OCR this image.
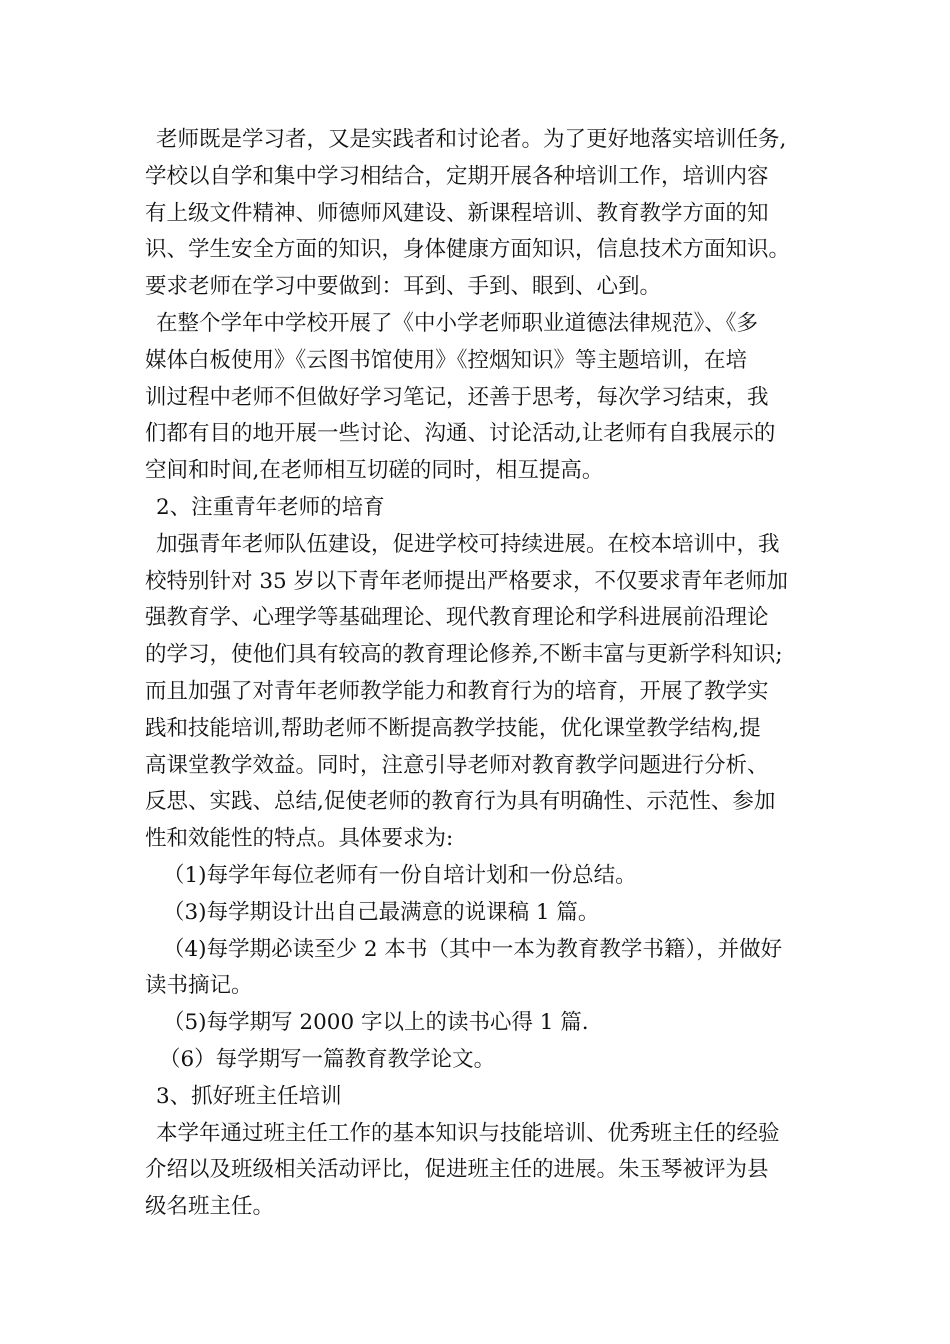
老师既是学习者，又是实践者和讨论者。为了更好地落实培训任务,
学校以自学和集中学习相结合，定期开展各种培训工作，培训内容
有上级文件精神、师德师风建设、新课程培训、教育教学方面的知
识、学生安全方面的知识，身体健康方面知识，信息技术方面知识。
要求老师在学习中要做到：耳到、手到、眼到、心到。
在整个学年中学校开展了《中小学老师职业道德法律规范》、《多
媒体白板使用》《云图书馆使用》《控烟知识》等主题培训，在培
训过程中老师不但做好学习笔记，还善于思考，每次学习结束，我
们都有目的地开展一些讨论、沟通、讨论活动,让老师有自我展示的
空间和时间,在老师相互切磋的同时，相互提高。
2、注重青年老师的培育
加强青年老师队伍建设，促进学校可持续进展。在校本培训中，我
校特别针对 35 岁以下青年老师提出严格要求，不仅要求青年老师加
强教育学、心理学等基础理论、现代教育理论和学科进展前沿理论
的学习，使他们具有较高的教育理论修养,不断丰富与更新学科知识;
而且加强了对青年老师教学能力和教育行为的培育，开展了教学实
践和技能培训,帮助老师不断提高教学技能，优化课堂教学结构,提
高课堂教学效益。同时，注意引导老师对教育教学问题进行分析、
反思、实践、总结,促使老师的教育行为具有明确性、示范性、参加
性和效能性的特点。具体要求为:
（1)每学年每位老师有一份自培计划和一份总结。
（3)每学期设计出自己最满意的说课稿 1 篇。
（4)每学期必读至少 2 本书（其中一本为教育教学书籍），并做好
读书摘记。
（5)每学期写 2000 字以上的读书心得 1 篇.
（6）每学期写一篇教育教学论文。
3、抓好班主任培训
本学年通过班主任工作的基本知识与技能培训、优秀班主任的经验
介绍以及班级相关活动评比，促进班主任的进展。朱玉琴被评为县
级名班主任。
